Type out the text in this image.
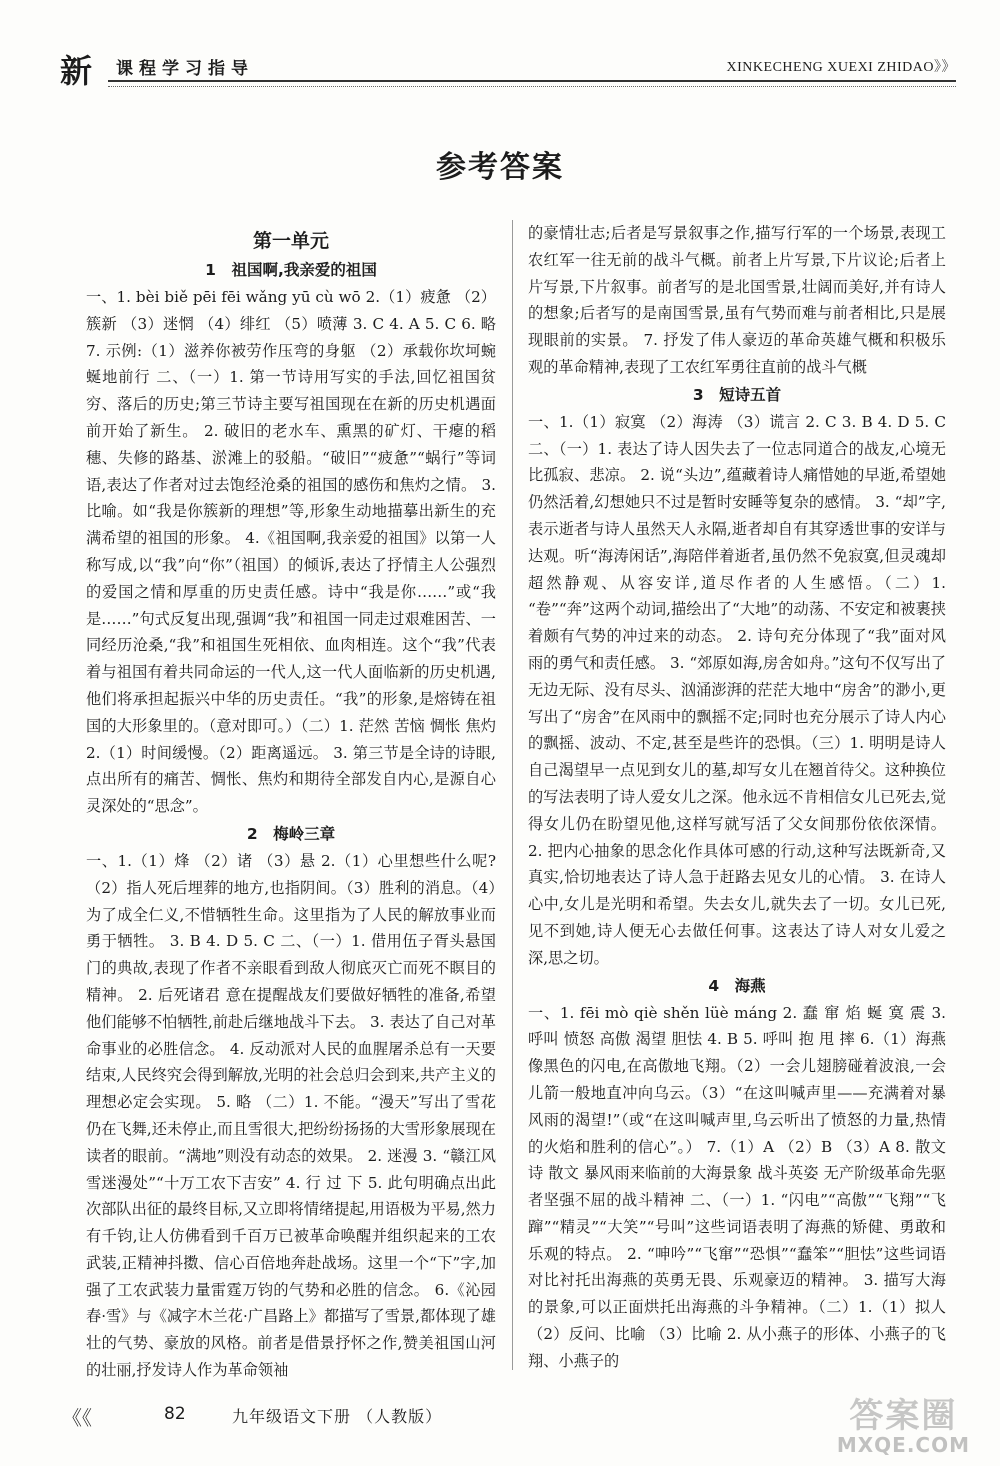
新 课程学习指导	XINKECHENG XUEXI ZHIDAO》》
参考答案
第一单元
1　祖国啊,我亲爱的祖国

一、1. bèi biě pēi fēi wǎng yū cù wō 2.（1）疲惫 （2）簇新 （3）迷惘 （4）绯红 （5）喷薄 3. C 4. A 5. C 6. 略 7. 示例:（1）滋养你被劳作压弯的身躯 （2）承载你坎坷蜿蜒地前行 二、（一）1. 第一节诗用写实的手法,回忆祖国贫穷、落后的历史;第三节诗主要写祖国现在在新的历史机遇面前开始了新生。 2. 破旧的老水车、熏黑的矿灯、干瘪的稻穗、失修的路基、淤滩上的驳船。“破旧”“疲惫”“蜗行”等词语,表达了作者对过去饱经沧桑的祖国的感伤和焦灼之情。 3. 比喻。如“我是你簇新的理想”等,形象生动地描摹出新生的充满希望的祖国的形象。 4.《祖国啊,我亲爱的祖国》以第一人称写成,以“我”向“你”（祖国）的倾诉,表达了抒情主人公强烈的爱国之情和厚重的历史责任感。诗中“我是你……”或“我是……”句式反复出现,强调“我”和祖国一同走过艰难困苦、一同经历沧桑,“我”和祖国生死相依、血肉相连。这个“我”代表着与祖国有着共同命运的一代人,这一代人面临新的历史机遇,他们将承担起振兴中华的历史责任。“我”的形象,是熔铸在祖国的大形象里的。（意对即可。）（二）1. 茫然 苦恼 惆怅 焦灼 2.（1）时间缓慢。（2）距离遥远。 3. 第三节是全诗的诗眼,点出所有的痛苦、惆怅、焦灼和期待全部发自内心,是源自心灵深处的“思念”。

2　梅岭三章

一、1.（1）烽 （2）诸 （3）悬 2.（1）心里想些什么呢?（2）指人死后埋葬的地方,也指阴间。（3）胜利的消息。（4）为了成全仁义,不惜牺牲生命。这里指为了人民的解放事业而勇于牺牲。 3. B 4. D 5. C 二、（一）1. 借用伍子胥头悬国门的典故,表现了作者不亲眼看到敌人彻底灭亡而死不瞑目的精神。 2. 后死诸君 意在提醒战友们要做好牺牲的准备,希望他们能够不怕牺牲,前赴后继地战斗下去。 3. 表达了自己对革命事业的必胜信念。 4. 反动派对人民的血腥屠杀总有一天要结束,人民终究会得到解放,光明的社会总归会到来,共产主义的理想必定会实现。 5. 略 （二）1. 不能。“漫天”写出了雪花仍在飞舞,还未停止,而且雪很大,把纷纷扬扬的大雪形象展现在读者的眼前。“满地”则没有动态的效果。 2. 迷漫 3. “赣江风雪迷漫处”“十万工农下吉安” 4. 行 过 下 5. 此句明确点出此次部队出征的最终目标,又立即将情绪提起,用语极为平易,然力有千钧,让人仿佛看到千百万已被革命唤醒并组织起来的工农武装,正精神抖擞、信心百倍地奔赴战场。这里一个“下”字,加强了工农武装力量雷霆万钧的气势和必胜的信念。 6.《沁园春·雪》与《减字木兰花·广昌路上》都描写了雪景,都体现了雄壮的气势、豪放的风格。前者是借景抒怀之作,赞美祖国山河的壮丽,抒发诗人作为革命领袖

的豪情壮志;后者是写景叙事之作,描写行军的一个场景,表现工农红军一往无前的战斗气概。前者上片写景,下片议论;后者上片写景,下片叙事。前者写的是北国雪景,壮阔而美好,并有诗人的想象;后者写的是南国雪景,虽有气势而难与前者相比,只是展现眼前的实景。 7. 抒发了伟人豪迈的革命英雄气概和积极乐观的革命精神,表现了工农红军勇往直前的战斗气概

3　短诗五首

一、1.（1）寂寞 （2）海涛 （3）谎言 2. C 3. B 4. D 5. C 二、（一）1. 表达了诗人因失去了一位志同道合的战友,心境无比孤寂、悲凉。 2. 说“头边”,蕴藏着诗人痛惜她的早逝,希望她仍然活着,幻想她只不过是暂时安睡等复杂的感情。 3. “却”字,表示逝者与诗人虽然天人永隔,逝者却自有其穿透世事的安详与达观。听“海涛闲话”,海陪伴着逝者,虽仍然不免寂寞,但灵魂却超然静观、从容安详,道尽作者的人生感悟。（二）1. “卷”“奔”这两个动词,描绘出了“大地”的动荡、不安定和被裹挟着颇有气势的冲过来的动态。 2. 诗句充分体现了“我”面对风雨的勇气和责任感。 3. “郊原如海,房舍如舟。”这句不仅写出了无边无际、没有尽头、汹涌澎湃的茫茫大地中“房舍”的渺小,更写出了“房舍”在风雨中的飘摇不定;同时也充分展示了诗人内心的飘摇、波动、不定,甚至是些许的恐惧。（三）1. 明明是诗人自己渴望早一点见到女儿的墓,却写女儿在翘首待父。这种换位的写法表明了诗人爱女儿之深。他永远不肯相信女儿已死去,觉得女儿仍在盼望见他,这样写就写活了父女间那份依依深情。 2. 把内心抽象的思念化作具体可感的行动,这种写法既新奇,又真实,恰切地表达了诗人急于赶路去见女儿的心情。 3. 在诗人心中,女儿是光明和希望。失去女儿,就失去了一切。女儿已死,见不到她,诗人便无心去做任何事。这表达了诗人对女儿爱之深,思之切。

4　海燕

一、1. fēi mò qiè shěn lüè máng 2. 蠢 窜 焰 蜒 寞 震 3. 呼叫 愤怒 高傲 渴望 胆怯 4. B 5. 呼叫 抱 甩 摔 6.（1）海燕像黑色的闪电,在高傲地飞翔。（2）一会儿翅膀碰着波浪,一会儿箭一般地直冲向乌云。（3）“在这叫喊声里——充满着对暴风雨的渴望!”（或“在这叫喊声里,乌云听出了愤怒的力量,热情的火焰和胜利的信心”。） 7.（1）A （2）B （3）A 8. 散文诗 散文 暴风雨来临前的大海景象 战斗英姿 无产阶级革命先驱者坚强不屈的战斗精神 二、（一）1. “闪电”“高傲”“飞翔”“飞蹿”“精灵”“大笑”“号叫”这些词语表明了海燕的矫健、勇敢和乐观的特点。 2. “呻吟”“飞窜”“恐惧”“蠢笨”“胆怯”这些词语对比衬托出海燕的英勇无畏、乐观豪迈的精神。 3. 描写大海的景象,可以正面烘托出海燕的斗争精神。（二）1.（1）拟人 （2）反问、比喻 （3）比喻 2. 从小燕子的形体、小燕子的飞翔、小燕子的

《《	82	九年级语文下册 （人教版）	答案圈
MXQE.COM
